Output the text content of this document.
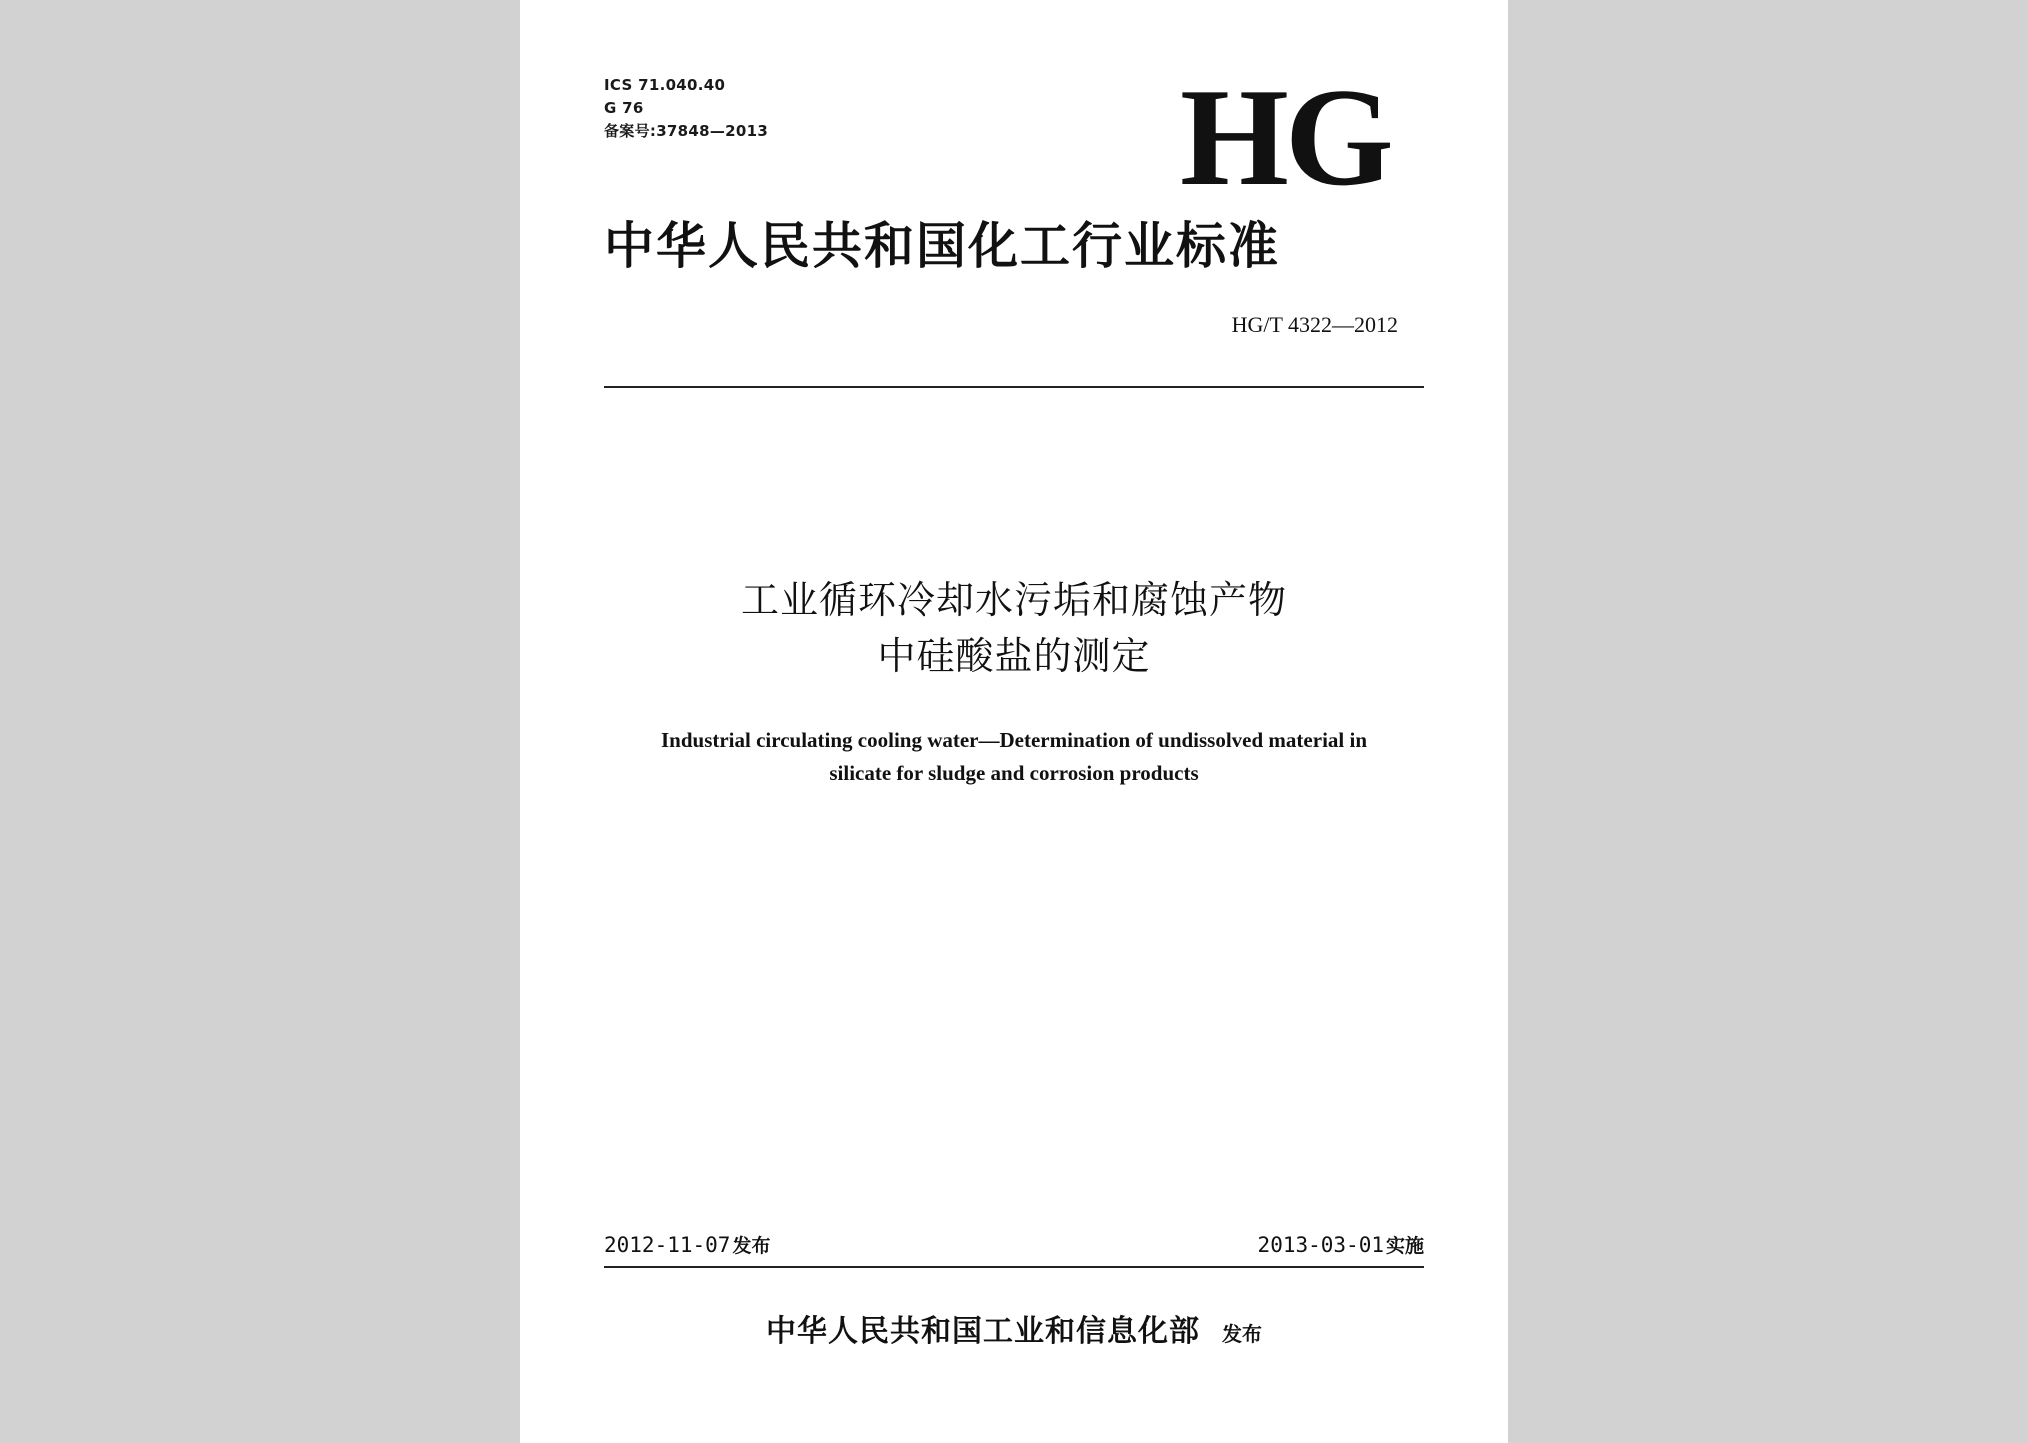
ICS 71.040.40
G 76
备案号:37848—2013	HG
中华人民共和国化工行业标准
HG/T 4322—2012
工业循环冷却水污垢和腐蚀产物
中硅酸盐的测定
Industrial circulating cooling water—Determination of undissolved material in
silicate for sludge and corrosion products
2012-11-07 发布	2013-03-01 实施
中华人民共和国工业和信息化部 发布
